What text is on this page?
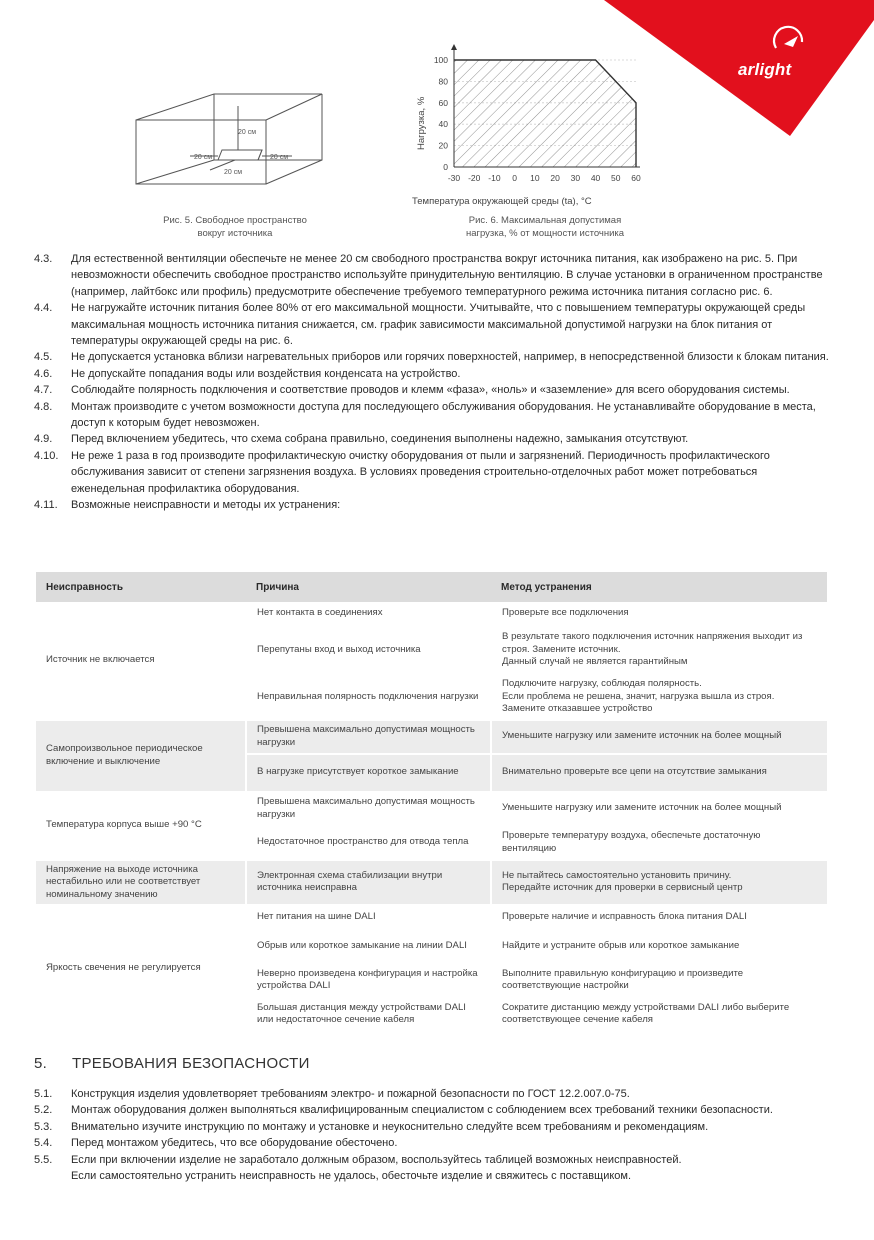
arlight
20 см
20 см	20 см
20 см
Рис. 5. Свободное пространство
вокруг источника
0
20
40
60
80
100
-30 -20 -10 0 10 20 30 40 50 60
Нагрузка, %
Температура окружающей среды (ta), °C
Рис. 6. Максимальная допустимая
нагрузка, % от мощности источника
4.3.	Для естественной вентиляции обеспечьте не менее 20 см свободного пространства вокруг источника питания, как изображено на рис. 5. При невозможности обеспечить свободное пространство используйте принудительную вентиляцию. В случае установки в ограниченном пространстве (например, лайтбокс или профиль) предусмотрите обеспечение требуемого температурного режима источника питания согласно рис. 6.
4.4.	Не нагружайте источник питания более 80% от его максимальной мощности. Учитывайте, что с повышением температуры окружающей среды максимальная мощность источника питания снижается, см. график зависимости максимальной допустимой нагрузки на блок питания от температуры окружающей среды на рис. 6.
4.5.	Не допускается установка вблизи нагревательных приборов или горячих поверхностей, например, в непосредственной близости к блокам питания.
4.6.	Не допускайте попадания воды или воздействия конденсата на устройство.
4.7.	Соблюдайте полярность подключения и соответствие проводов и клемм «фаза», «ноль» и «заземление» для всего оборудования системы.
4.8.	Монтаж производите с учетом возможности доступа для последующего обслуживания оборудования. Не устанавливайте оборудование в места, доступ к которым будет невозможен.
4.9.	Перед включением убедитесь, что схема собрана правильно, соединения выполнены надежно, замыкания отсутствуют.
4.10.	Не реже 1 раза в год производите профилактическую очистку оборудования от пыли и загрязнений. Периодичность профилактического обслуживания зависит от степени загрязнения воздуха. В условиях проведения строительно-отделочных работ может потребоваться еженедельная профилактика оборудования.
4.11.	Возможные неисправности и методы их устранения:
Неисправность	Причина	Метод устранения
Источник не включается	Нет контакта в соединениях	Проверьте все подключения
	Перепутаны вход и выход источника	В результате такого подключения источник напряжения выходит из строя. Замените источник.
Данный случай не является гарантийным
	Неправильная полярность подключения нагрузки	Подключите нагрузку, соблюдая полярность.
Если проблема не решена, значит, нагрузка вышла из строя.
Замените отказавшее устройство
Самопроизвольное периодическое включение и выключение	Превышена максимально допустимая мощность нагрузки	Уменьшите нагрузку или замените источник на более мощный
	В нагрузке присутствует короткое замыкание	Внимательно проверьте все цепи на отсутствие замыкания
Температура корпуса выше +90 °C	Превышена максимально допустимая мощность нагрузки	Уменьшите нагрузку или замените источник на более мощный
	Недостаточное пространство для отвода тепла	Проверьте температуру воздуха, обеспечьте достаточную вентиляцию
Напряжение на выходе источника нестабильно или не соответствует номинальному значению	Электронная схема стабилизации внутри источника неисправна	Не пытайтесь самостоятельно установить причину.
Передайте источник для проверки в сервисный центр
Яркость свечения не регулируется	Нет питания на шине DALI	Проверьте наличие и исправность блока питания DALI
	Обрыв или короткое замыкание на линии DALI	Найдите и устраните обрыв или короткое замыкание
	Неверно произведена конфигурация и настройка устройства DALI	Выполните правильную конфигурацию и произведите соответствующие настройки
	Большая дистанция между устройствами DALI или недостаточное сечение кабеля	Сократите дистанцию между устройствами DALI либо выберите соответствующее сечение кабеля
5. ТРЕБОВАНИЯ БЕЗОПАСНОСТИ
5.1.	Конструкция изделия удовлетворяет требованиям электро- и пожарной безопасности по ГОСТ 12.2.007.0-75.
5.2.	Монтаж оборудования должен выполняться квалифицированным специалистом с соблюдением всех требований техники безопасности.
5.3.	Внимательно изучите инструкцию по монтажу и установке и неукоснительно следуйте всем требованиям и рекомендациям.
5.4.	Перед монтажом убедитесь, что все оборудование обесточено.
5.5.	Если при включении изделие не заработало должным образом, воспользуйтесь таблицей возможных неисправностей.
Если самостоятельно устранить неисправность не удалось, обесточьте изделие и свяжитесь с поставщиком.
